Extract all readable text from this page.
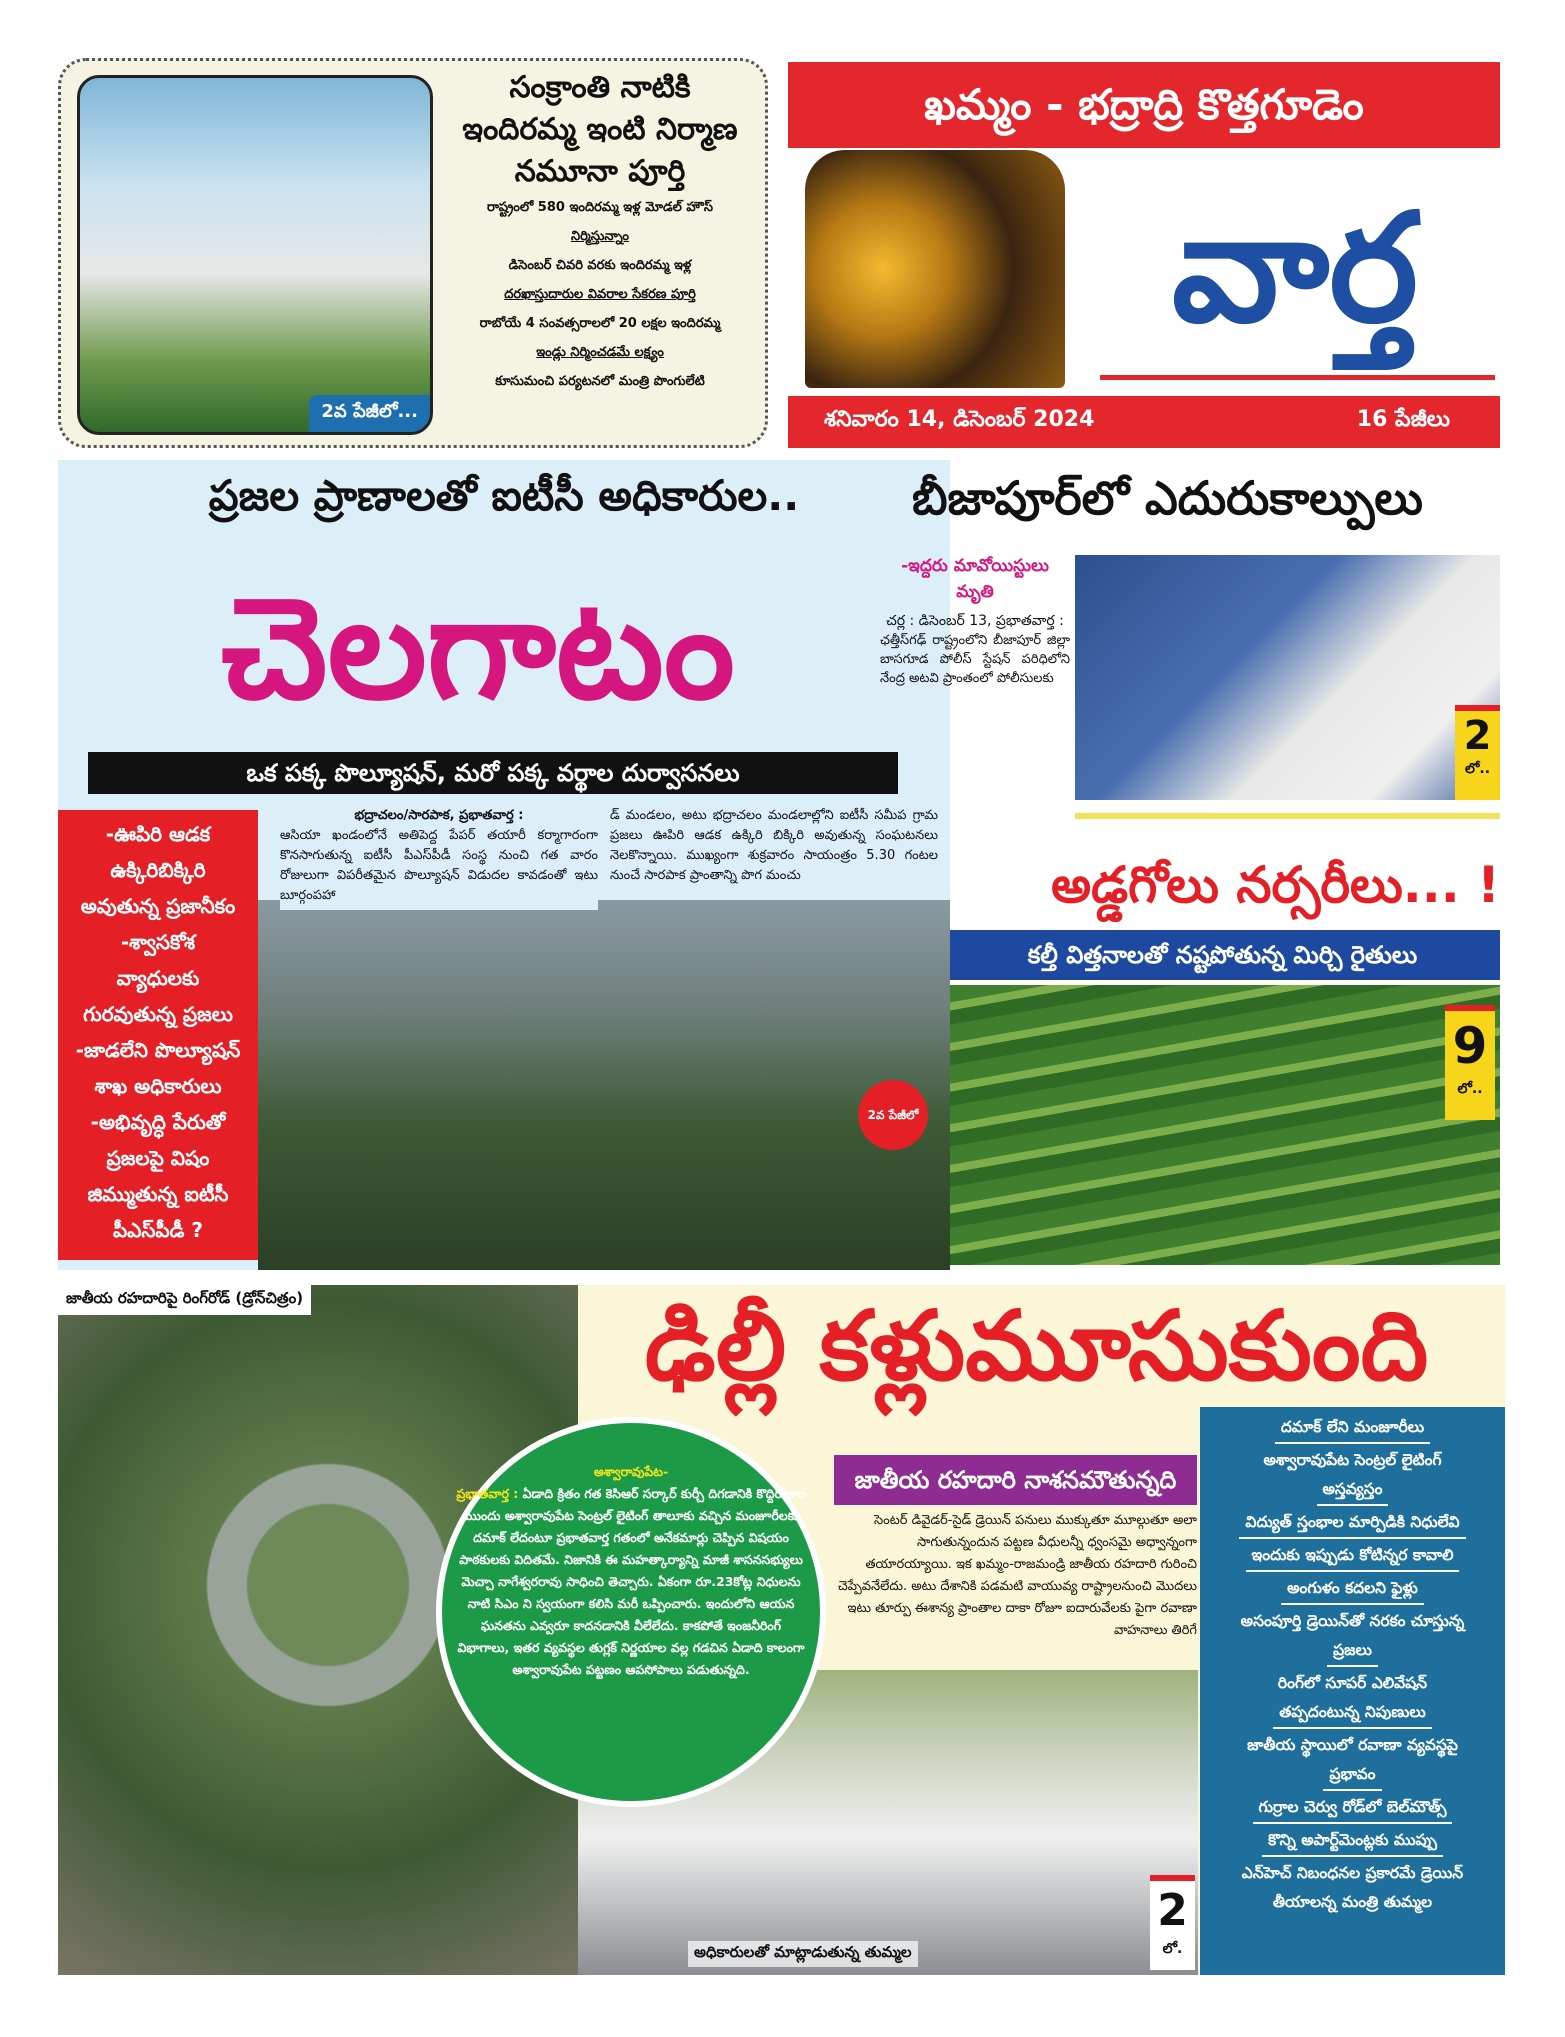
2వ పేజీలో...
సంక్రాంతి నాటికి
ఇందిరమ్మ ఇంటి నిర్మాణ
నమూనా పూర్తి

రాష్ట్రంలో 580 ఇందిరమ్మ ఇళ్ల మోడల్ హౌస్

నిర్మిస్తున్నాం

డిసెంబర్ చివరి వరకు ఇందిరమ్మ ఇళ్ల

దరఖాస్తుదారుల వివరాల సేకరణ పూర్తి

రాబోయే 4 సంవత్సరాలలో 20 లక్షల ఇందిరమ్మ

ఇండ్లు నిర్మించడమే లక్ష్యం

కూసుమంచి పర్యటనలో మంత్రి పొంగులేటి

ఖమ్మం - భద్రాద్రి కొత్తగూడెం
వార్త
శనివారం 14, డిసెంబర్ 2024	16 పేజీలు
ప్రజల ప్రాణాలతో ఐటీసీ అధికారుల..
చెలగాటం
ఒక పక్క పొల్యూషన్, మరో పక్క వర్థాల దుర్వాసనలు
-ఊపిరి ఆడక
ఉక్కిరిబిక్కిరి
అవుతున్న ప్రజానీకం
-శ్వాసకోశ
వ్యాధులకు
గురవుతున్న ప్రజలు
-జాడలేని పొల్యూషన్
శాఖ అధికారులు
-అభివృద్ధి పేరుతో
ప్రజలపై విషం
జిమ్ముతున్న ఐటీసీ
పీఎస్‌పీడీ ?
భద్రాచలం/సారపాక, ప్రభాతవార్త :
ఆసియా ఖండంలోనే అతిపెద్ద పేపర్ తయారీ కర్మాగారంగా కొనసాగుతున్న ఐటీసీ పీఎస్‌పీడీ సంస్థ నుంచి గత వారం రోజులుగా విపరీతమైన పొల్యూషన్ విడుదల కావడంతో ఇటు బూర్గంపహా
డ్ మండలం, అటు భద్రాచలం మండలాల్లోని ఐటీసీ సమీప గ్రామ ప్రజలు ఊపిరి ఆడక ఉక్కిరి బిక్కిరి అవుతున్న సంఘటనలు నెలకొన్నాయి. ముఖ్యంగా శుక్రవారం సాయంత్రం 5.30 గంటల నుంచే సారపాక ప్రాంతాన్ని పొగ మంచు
2వ పేజీలో
బీజాపూర్‌లో ఎదురుకాల్పులు
-ఇద్దరు మావోయిస్టులు మృతి
చర్ల : డిసెంబర్ 13, ప్రభాతవార్త :
ఛత్తీస్‌గఢ్ రాష్ట్రంలోని బీజాపూర్ జిల్లా బాసగూడ పోలీస్ స్టేషన్ పరిధిలోని నేంద్ర అటవి ప్రాంతంలో పోలీసులకు
2
లో..
అడ్డగోలు నర్సరీలు... !
కల్తీ విత్తనాలతో నష్టపోతున్న మిర్చి రైతులు
9
లో..
జాతీయ రహదారిపై రింగ్‌రోడ్ (డ్రోన్‌చిత్రం)	ఢిల్లీ కళ్లుమూసుకుంది
అధికారులతో మాట్లాడుతున్న తుమ్మల
అశ్వారావుపేట-
ప్రభాతవార్త : ఏడాది క్రితం గత కెసిఆర్ సర్కార్ కుర్చీ దిగడానికి కొద్దిరోజుల ముందు అశ్వారావుపేట సెంట్రల్ లైటింగ్ తాలూకు వచ్చిన మంజూరీలకు దమాక్ లేదంటూ ప్రభాతవార్త గతంలో అనేకమార్లు చెప్పిన విషయం పాఠకులకు విదితమే. నిజానికి ఈ మహత్కార్యాన్ని మాజీ శాసనసభ్యులు మెచ్చా నాగేశ్వరరావు సాధించి తెచ్చారు. ఏకంగా రూ.23కోట్ల నిధులను నాటి సిఎం ని స్వయంగా కలిసి మరీ ఒప్పించారు. ఇందులోని ఆయన ఘనతను ఎవ్వరూ కాదనడానికి వీలేలేదు. కాకపోతే ఇంజనీరింగ్ విభాగాలు, ఇతర వ్యవస్థల తుగ్లక్ నిర్ణయాల వల్ల గడచిన ఏడాది కాలంగా అశ్వారావుపేట పట్టణం ఆపసోపాలు పడుతున్నది.
జాతీయ రహదారి నాశనమౌతున్నది
సెంటర్ డివైడర్-సైడ్ డ్రెయిన్ పనులు ముక్కుతూ మూల్గుతూ అలా సాగుతున్నందున పట్టణ వీధులన్నీ ధ్వంసమై అధ్వాన్నంగా తయారయ్యాయి. ఇక ఖమ్మం-రాజమండ్రి జాతీయ రహదారి గురించి చెప్పేవనేలేదు. అటు దేశానికి పడమటి వాయువ్య రాష్ట్రాలనుంచి మొదలు ఇటు తూర్పు ఈశాన్య ప్రాంతాల దాకా రోజూ ఐదారువేలకు పైగా రవాణా వాహనాలు తిరిగే
2
లో.
దమాక్ లేని మంజూరీలు
అశ్వారావుపేట సెంట్రల్ లైటింగ్
అస్తవ్యస్తం
విద్యుత్ స్తంభాల మార్పిడికి నిధులేవి
ఇందుకు ఇప్పుడు కోటిన్నర కావాలి
అంగుళం కదలని ఫైళ్లు
అసంపూర్తి డ్రెయిన్‌తో నరకం చూస్తున్న
ప్రజలు
రింగ్‌లో సూపర్ ఎలివేషన్
తప్పదంటున్న నిపుణులు
జాతీయ స్థాయిలో రవాణా వ్యవస్థపై
ప్రభావం
గుర్రాల చెర్వు రోడ్‌లో బెల్‌మౌత్స్
కొన్ని అపార్ట్‌మెంట్లకు ముప్పు
ఎన్‌హెచ్ నిబంధనల ప్రకారమే డ్రెయిన్
తీయాలన్న మంత్రి తుమ్మల
